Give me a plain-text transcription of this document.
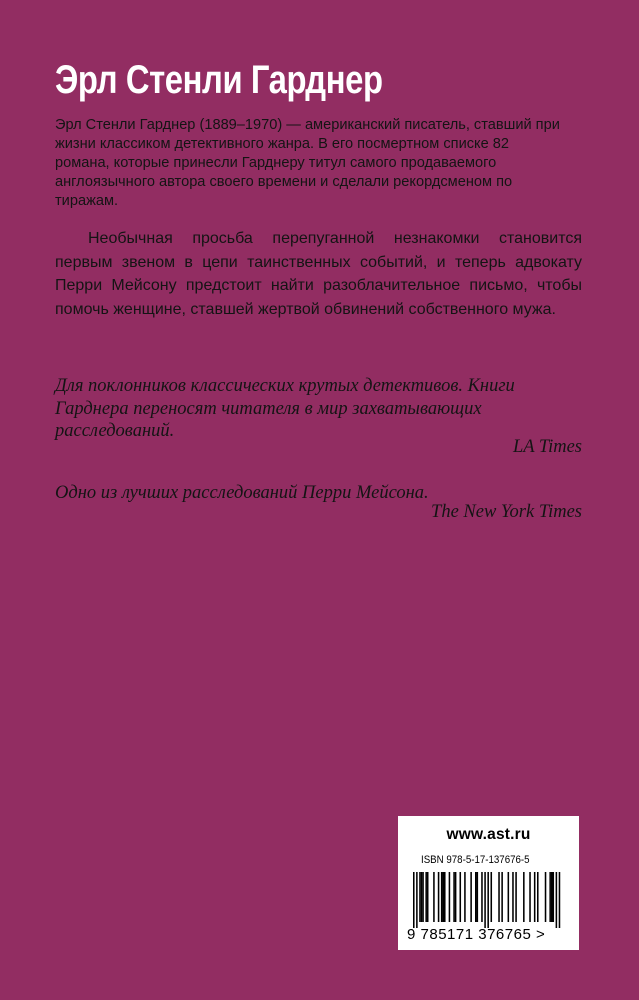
Эрл Стенли Гарднер

Эрл Стенли Гарднер (1889–1970) — американский писатель, ставший при жизни классиком детективного жанра. В его посмертном списке 82 романа, которые принесли Гарднеру титул самого продаваемого англоязычного автора своего времени и сделали рекордсменом по тиражам.

Необычная просьба перепуганной незнакомки становится первым звеном в цепи таинственных событий, и теперь адвокату Перри Мейсону предстоит найти разоблачительное письмо, чтобы помочь женщине, ставшей жертвой обвинений собственного мужа.

Для поклонников классических крутых детективов. Книги Гарднера переносят читателя в мир захватывающих расследований.

LA Times

Одно из лучших расследований Перри Мейсона.

The New York Times

www.ast.ru

ISBN 978-5-17-137676-5

9 785171 376765 >
